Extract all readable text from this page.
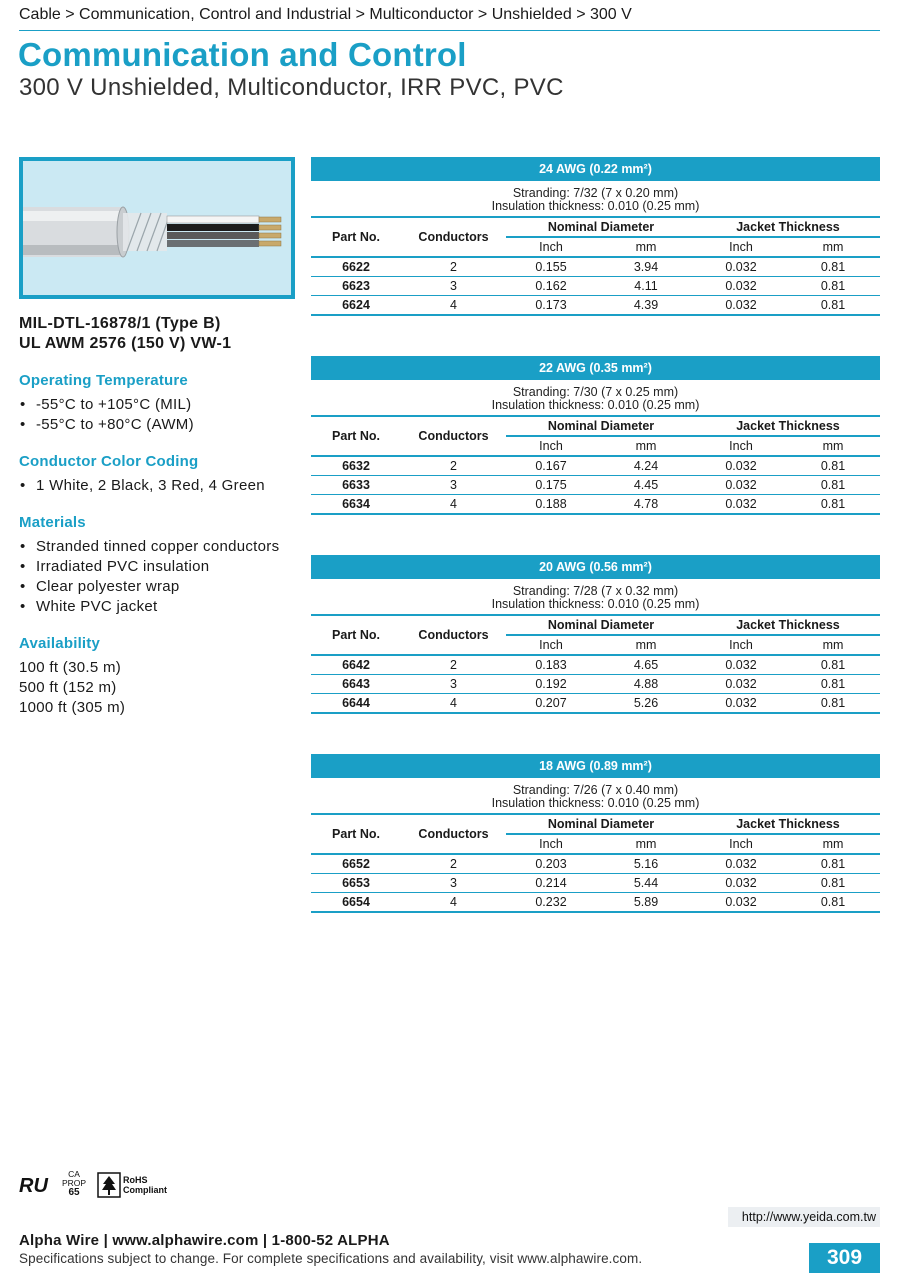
Cable > Communication, Control and Industrial > Multiconductor > Unshielded > 300 V
Communication and Control
300 V Unshielded, Multiconductor, IRR PVC, PVC
MIL-DTL-16878/1 (Type B)
UL AWM 2576 (150 V) VW-1
Operating Temperature
• -55°C to +105°C (MIL)
• -55°C to +80°C (AWM)
Conductor Color Coding
• 1 White, 2 Black, 3 Red, 4 Green
Materials
• Stranded tinned copper conductors
• Irradiated PVC insulation
• Clear polyester wrap
• White PVC jacket
Availability
100 ft (30.5 m)
500 ft (152 m)
1000 ft (305 m)
24 AWG (0.22 mm²)
Stranding: 7/32 (7 x 0.20 mm)
Insulation thickness: 0.010 (0.25 mm)
Part No.	Conductors	Nominal Diameter		Jacket Thickness	
		Inch	mm	Inch	mm
6622	2	0.155	3.94	0.032	0.81
6623	3	0.162	4.11	0.032	0.81
6624	4	0.173	4.39	0.032	0.81
22 AWG (0.35 mm²)
Stranding: 7/30 (7 x 0.25 mm)
Insulation thickness: 0.010 (0.25 mm)
Part No.	Conductors	Nominal Diameter		Jacket Thickness	
		Inch	mm	Inch	mm
6632	2	0.167	4.24	0.032	0.81
6633	3	0.175	4.45	0.032	0.81
6634	4	0.188	4.78	0.032	0.81
20 AWG (0.56 mm²)
Stranding: 7/28 (7 x 0.32 mm)
Insulation thickness: 0.010 (0.25 mm)
Part No.	Conductors	Nominal Diameter		Jacket Thickness	
		Inch	mm	Inch	mm
6642	2	0.183	4.65	0.032	0.81
6643	3	0.192	4.88	0.032	0.81
6644	4	0.207	5.26	0.032	0.81
18 AWG (0.89 mm²)
Stranding: 7/26 (7 x 0.40 mm)
Insulation thickness: 0.010 (0.25 mm)
Part No.	Conductors	Nominal Diameter		Jacket Thickness	
		Inch	mm	Inch	mm
6652	2	0.203	5.16	0.032	0.81
6653	3	0.214	5.44	0.032	0.81
6654	4	0.232	5.89	0.032	0.81
RU
CA
PROP
65
RoHS
Compliant
http://www.yeida.com.tw
Alpha Wire | www.alphawire.com | 1-800-52 ALPHA
Specifications subject to change. For complete specifications and availability, visit www.alphawire.com.	309
